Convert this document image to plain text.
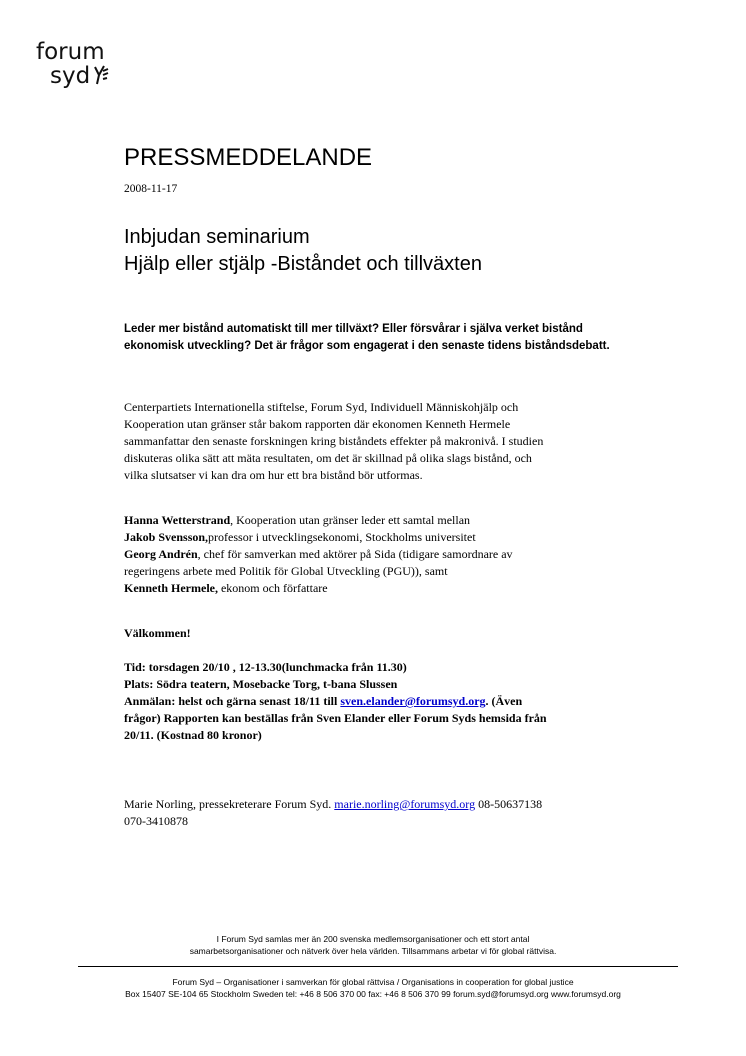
forum
syd
PRESSMEDDELANDE
2008-11-17
Inbjudan seminarium
Hjälp eller stjälp -Biståndet och tillväxten
Leder mer bistånd automatiskt till mer tillväxt? Eller försvårar i själva verket bistånd ekonomisk utveckling? Det är frågor som engagerat i den senaste tidens biståndsdebatt.
Centerpartiets Internationella stiftelse, Forum Syd, Individuell Människohjälp och
Kooperation utan gränser står bakom rapporten där ekonomen Kenneth Hermele
sammanfattar den senaste forskningen kring biståndets effekter på makronivå. I studien
diskuteras olika sätt att mäta resultaten, om det är skillnad på olika slags bistånd, och
vilka slutsatser vi kan dra om hur ett bra bistånd bör utformas.
Hanna Wetterstrand, Kooperation utan gränser leder ett samtal mellan
Jakob Svensson,professor i utvecklingsekonomi, Stockholms universitet
Georg Andrén, chef för samverkan med aktörer på Sida (tidigare samordnare av
regeringens arbete med Politik för Global Utveckling (PGU)), samt
Kenneth Hermele, ekonom och författare
Välkommen!
Tid: torsdagen 20/10 , 12-13.30(lunchmacka från 11.30)
Plats: Södra teatern, Mosebacke Torg, t-bana Slussen
Anmälan: helst och gärna senast 18/11 till sven.elander@forumsyd.org. (Även
frågor) Rapporten kan beställas från Sven Elander eller Forum Syds hemsida från
20/11. (Kostnad 80 kronor)
Marie Norling, pressekreterare Forum Syd. marie.norling@forumsyd.org 08-50637138
070-3410878
I Forum Syd samlas mer än 200 svenska medlemsorganisationer och ett stort antal
samarbetsorganisationer och nätverk över hela världen. Tillsammans arbetar vi för global rättvisa.
Forum Syd – Organisationer i samverkan för global rättvisa / Organisations in cooperation for global justice
Box 15407 SE-104 65 Stockholm Sweden tel: +46 8 506 370 00 fax: +46 8 506 370 99 forum.syd@forumsyd.org www.forumsyd.org
